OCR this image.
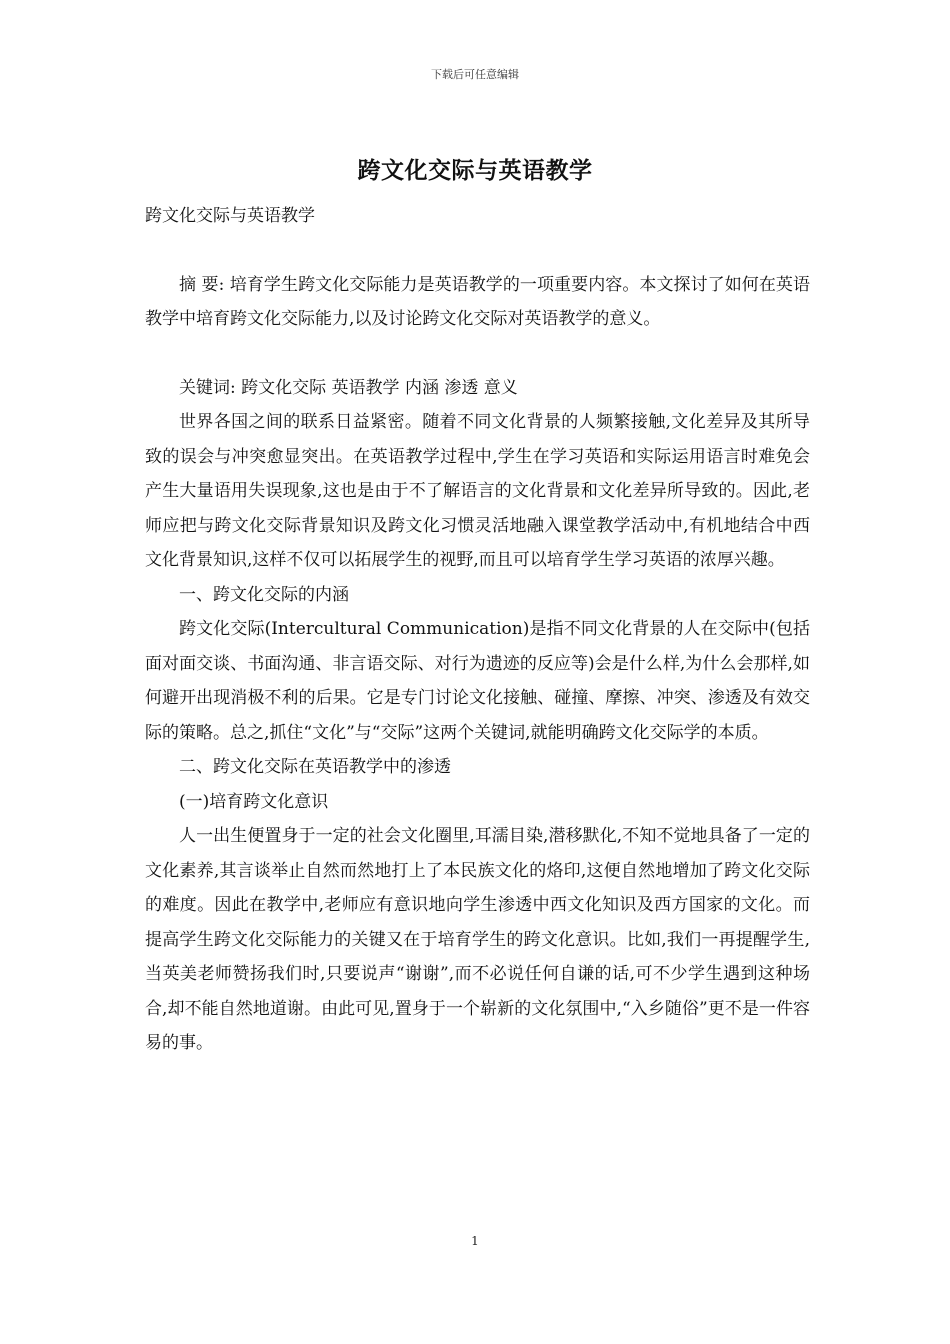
下载后可任意编辑
跨文化交际与英语教学

跨文化交际与英语教学

摘 要: 培育学生跨文化交际能力是英语教学的一项重要内容。本文探讨了如何在英语教学中培育跨文化交际能力,以及讨论跨文化交际对英语教学的意义。

关键词: 跨文化交际 英语教学 内涵 渗透 意义

世界各国之间的联系日益紧密。随着不同文化背景的人频繁接触,文化差异及其所导致的误会与冲突愈显突出。在英语教学过程中,学生在学习英语和实际运用语言时难免会产生大量语用失误现象,这也是由于不了解语言的文化背景和文化差异所导致的。因此,老师应把与跨文化交际背景知识及跨文化习惯灵活地融入课堂教学活动中,有机地结合中西文化背景知识,这样不仅可以拓展学生的视野,而且可以培育学生学习英语的浓厚兴趣。

一、跨文化交际的内涵

跨文化交际(Intercultural Communication)是指不同文化背景的人在交际中(包括面对面交谈、书面沟通、非言语交际、对行为遗迹的反应等)会是什么样,为什么会那样,如何避开出现消极不利的后果。它是专门讨论文化接触、碰撞、摩擦、冲突、渗透及有效交际的策略。总之,抓住“文化”与“交际”这两个关键词,就能明确跨文化交际学的本质。

二、跨文化交际在英语教学中的渗透

(一)培育跨文化意识

人一出生便置身于一定的社会文化圈里,耳濡目染,潜移默化,不知不觉地具备了一定的文化素养,其言谈举止自然而然地打上了本民族文化的烙印,这便自然地增加了跨文化交际的难度。因此在教学中,老师应有意识地向学生渗透中西文化知识及西方国家的文化。而提高学生跨文化交际能力的关键又在于培育学生的跨文化意识。比如,我们一再提醒学生,当英美老师赞扬我们时,只要说声“谢谢”,而不必说任何自谦的话,可不少学生遇到这种场合,却不能自然地道谢。由此可见,置身于一个崭新的文化氛围中,“入乡随俗”更不是一件容易的事。

1
